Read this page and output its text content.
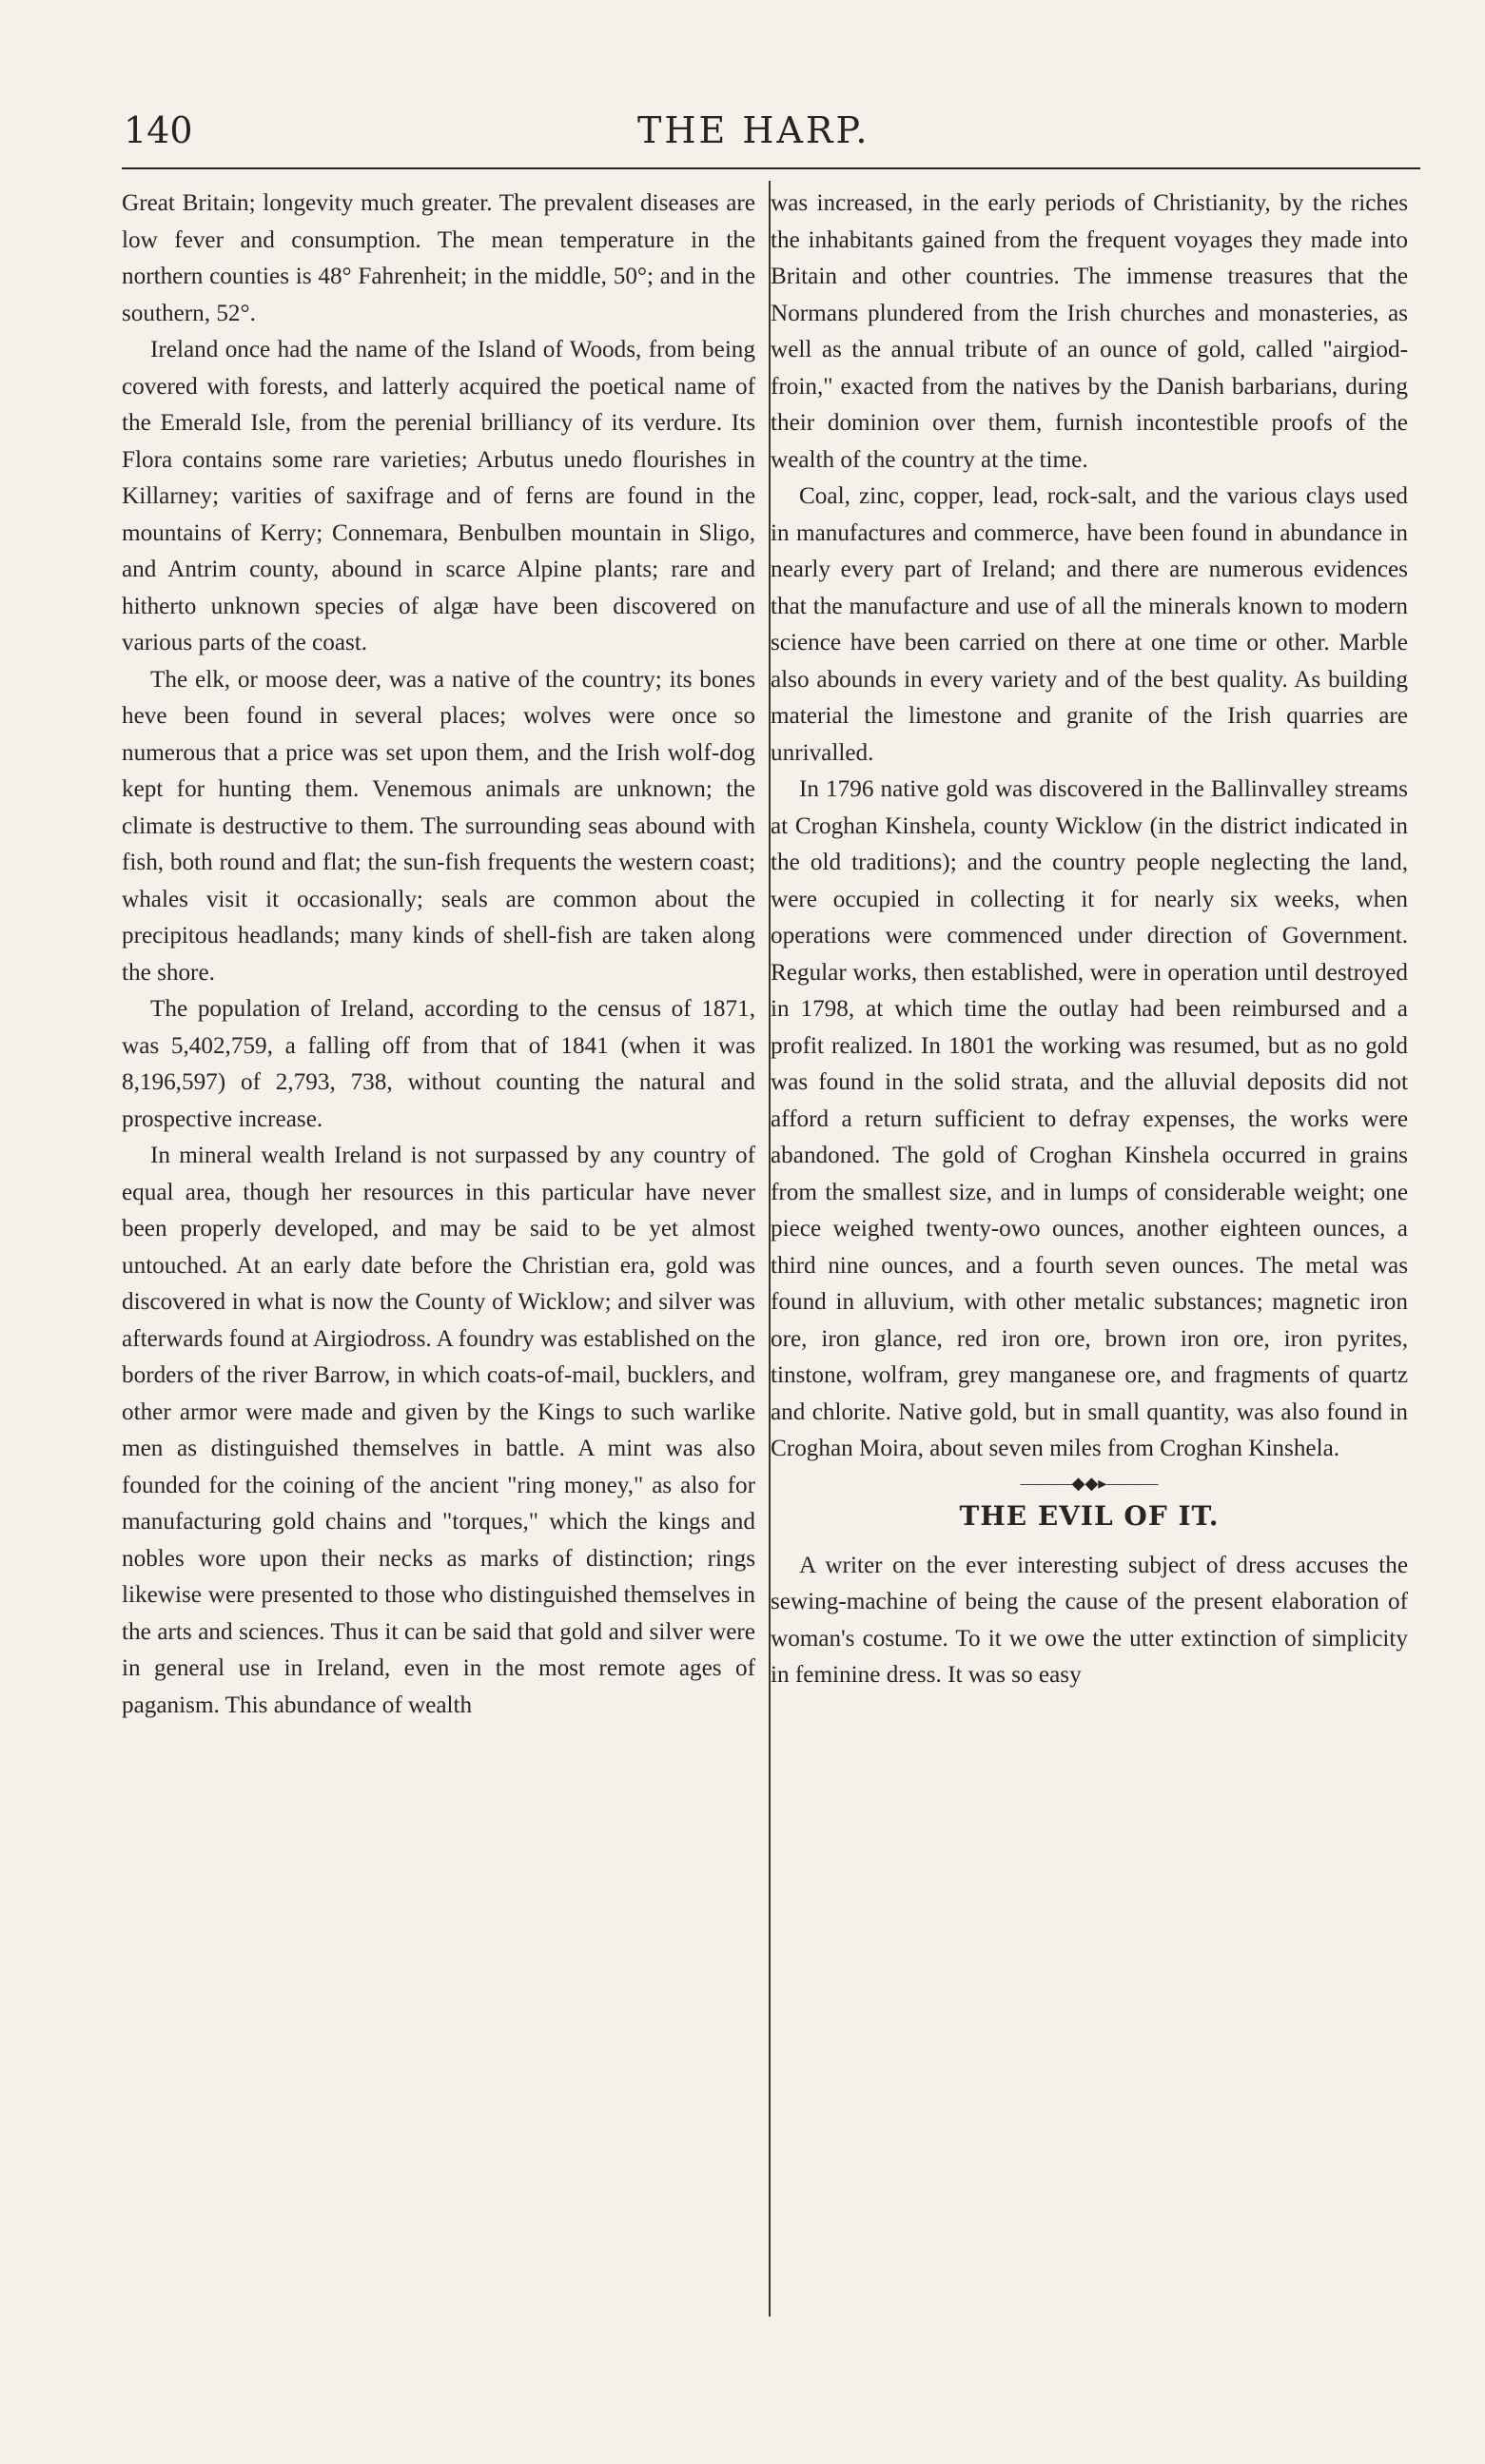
140	THE HARP.

Great Britain; longevity much greater. The prevalent diseases are low fever and consumption. The mean temperature in the northern counties is 48° Fahrenheit; in the middle, 50°; and in the southern, 52°.

Ireland once had the name of the Island of Woods, from being covered with forests, and latterly acquired the poetical name of the Emerald Isle, from the perenial brilliancy of its verdure. Its Flora contains some rare varieties; Arbutus unedo flourishes in Killarney; varities of saxifrage and of ferns are found in the mountains of Kerry; Connemara, Benbulben mountain in Sligo, and Antrim county, abound in scarce Alpine plants; rare and hitherto unknown species of algæ have been discovered on various parts of the coast.

The elk, or moose deer, was a native of the country; its bones heve been found in several places; wolves were once so numerous that a price was set upon them, and the Irish wolf-dog kept for hunting them. Venemous animals are unknown; the climate is destructive to them. The surrounding seas abound with fish, both round and flat; the sun-fish frequents the western coast; whales visit it occasionally; seals are common about the precipitous headlands; many kinds of shell-fish are taken along the shore.

The population of Ireland, according to the census of 1871, was 5,402,759, a falling off from that of 1841 (when it was 8,196,597) of 2,793, 738, without counting the natural and prospective increase.

In mineral wealth Ireland is not surpassed by any country of equal area, though her resources in this particular have never been properly developed, and may be said to be yet almost untouched. At an early date before the Christian era, gold was discovered in what is now the County of Wicklow; and silver was afterwards found at Airgiodross. A foundry was established on the borders of the river Barrow, in which coats-of-mail, bucklers, and other armor were made and given by the Kings to such warlike men as distinguished themselves in battle. A mint was also founded for the coining of the ancient "ring money," as also for manufacturing gold chains and "torques," which the kings and nobles wore upon their necks as marks of distinction; rings likewise were presented to those who distinguished themselves in the arts and sciences. Thus it can be said that gold and silver were in general use in Ireland, even in the most remote ages of paganism. This abundance of wealth

was increased, in the early periods of Christianity, by the riches the inhabitants gained from the frequent voyages they made into Britain and other countries. The immense treasures that the Normans plundered from the Irish churches and monasteries, as well as the annual tribute of an ounce of gold, called "airgiod-froin," exacted from the natives by the Danish barbarians, during their dominion over them, furnish incontestible proofs of the wealth of the country at the time.

Coal, zinc, copper, lead, rock-salt, and the various clays used in manufactures and commerce, have been found in abundance in nearly every part of Ireland; and there are numerous evidences that the manufacture and use of all the minerals known to modern science have been carried on there at one time or other. Marble also abounds in every variety and of the best quality. As building material the limestone and granite of the Irish quarries are unrivalled.

In 1796 native gold was discovered in the Ballinvalley streams at Croghan Kinshela, county Wicklow (in the district indicated in the old traditions); and the country people neglecting the land, were occupied in collecting it for nearly six weeks, when operations were commenced under direction of Government. Regular works, then established, were in operation until destroyed in 1798, at which time the outlay had been reimbursed and a profit realized. In 1801 the working was resumed, but as no gold was found in the solid strata, and the alluvial deposits did not afford a return sufficient to defray expenses, the works were abandoned. The gold of Croghan Kinshela occurred in grains from the smallest size, and in lumps of considerable weight; one piece weighed twenty-owo ounces, another eighteen ounces, a third nine ounces, and a fourth seven ounces. The metal was found in alluvium, with other metalic substances; magnetic iron ore, iron glance, red iron ore, brown iron ore, iron pyrites, tinstone, wolfram, grey manganese ore, and fragments of quartz and chlorite. Native gold, but in small quantity, was also found in Croghan Moira, about seven miles from Croghan Kinshela.

―――◆◆▸―――
THE EVIL OF IT.

A writer on the ever interesting subject of dress accuses the sewing-machine of being the cause of the present elaboration of woman's costume. To it we owe the utter extinction of simplicity in feminine dress. It was so easy
